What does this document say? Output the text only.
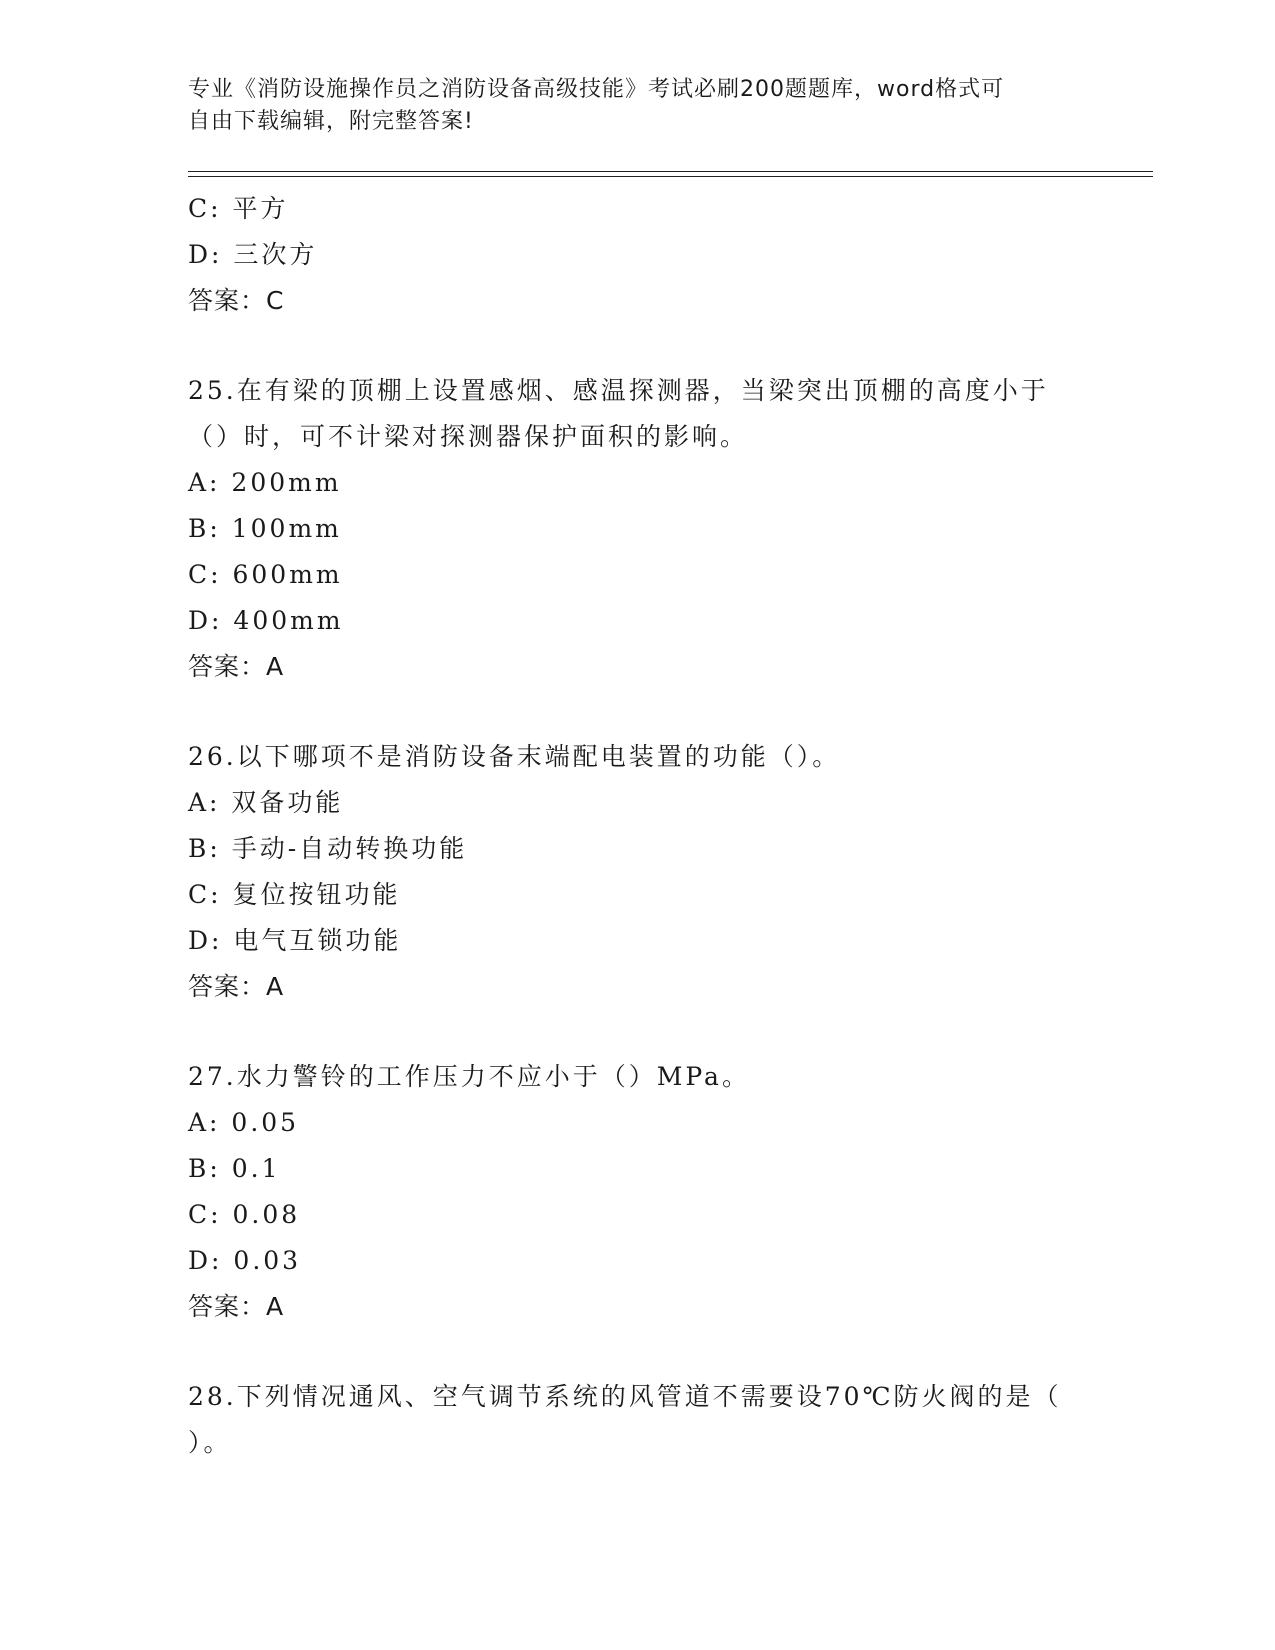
专业《消防设施操作员之消防设备高级技能》考试必刷200题题库，word格式可
自由下载编辑，附完整答案!
C: 平方
D: 三次方
答案：C
25.在有梁的顶棚上设置感烟、感温探测器，当梁突出顶棚的高度小于
（）时，可不计梁对探测器保护面积的影响。
A: 200mm
B: 100mm
C: 600mm
D: 400mm
答案：A
26.以下哪项不是消防设备末端配电装置的功能（）。
A: 双备功能
B: 手动-自动转换功能
C: 复位按钮功能
D: 电气互锁功能
答案：A
27.水力警铃的工作压力不应小于（）MPa。
A: 0.05
B: 0.1
C: 0.08
D: 0.03
答案：A
28.下列情况通风、空气调节系统的风管道不需要设70℃防火阀的是（
）。
